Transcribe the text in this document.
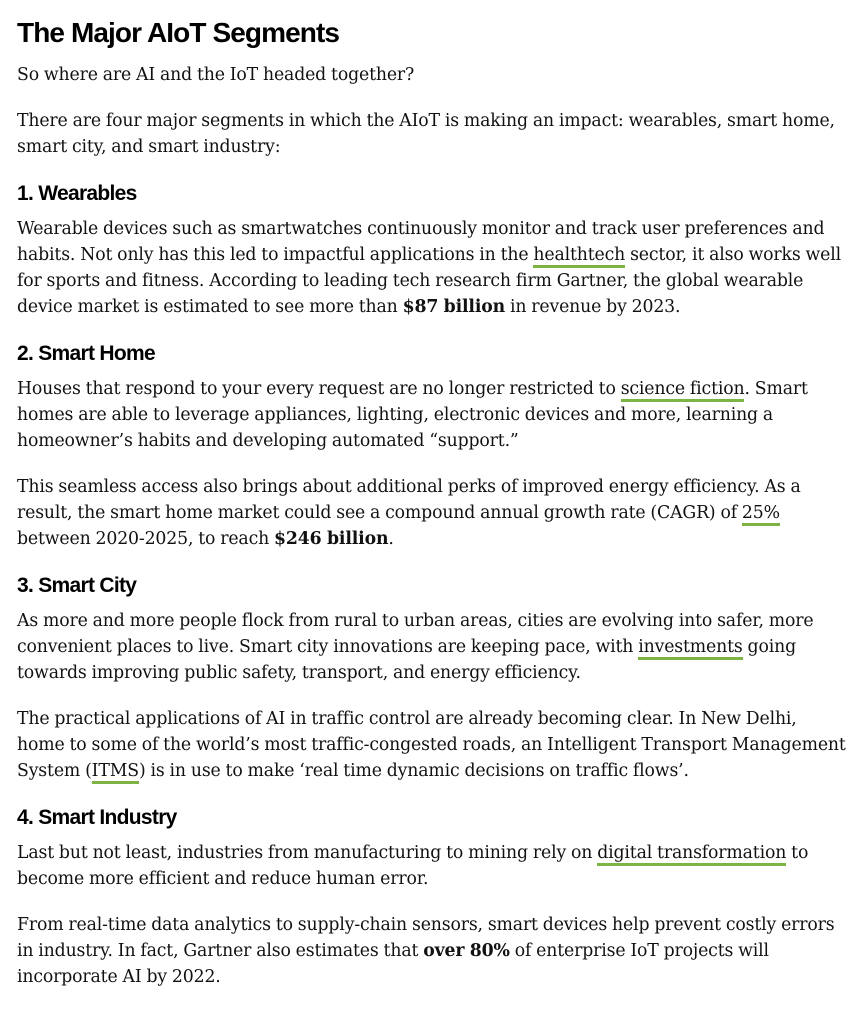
The Major AIoT Segments

So where are AI and the IoT headed together?

There are four major segments in which the AIoT is making an impact: wearables, smart home, smart city, and smart industry:

1. Wearables

Wearable devices such as smartwatches continuously monitor and track user preferences and habits. Not only has this led to impactful applications in the healthtech sector, it also works well for sports and fitness. According to leading tech research firm Gartner, the global wearable device market is estimated to see more than $87 billion in revenue by 2023.

2. Smart Home

Houses that respond to your every request are no longer restricted to science fiction. Smart homes are able to leverage appliances, lighting, electronic devices and more, learning a homeowner’s habits and developing automated “support.”

This seamless access also brings about additional perks of improved energy efficiency. As a result, the smart home market could see a compound annual growth rate (CAGR) of 25% between 2020-2025, to reach $246 billion.

3. Smart City

As more and more people flock from rural to urban areas, cities are evolving into safer, more convenient places to live. Smart city innovations are keeping pace, with investments going towards improving public safety, transport, and energy efficiency.

The practical applications of AI in traffic control are already becoming clear. In New Delhi, home to some of the world’s most traffic-congested roads, an Intelligent Transport Management System (ITMS) is in use to make ‘real time dynamic decisions on traffic flows’.

4. Smart Industry

Last but not least, industries from manufacturing to mining rely on digital transformation to become more efficient and reduce human error.

From real-time data analytics to supply-chain sensors, smart devices help prevent costly errors in industry. In fact, Gartner also estimates that over 80% of enterprise IoT projects will incorporate AI by 2022.
